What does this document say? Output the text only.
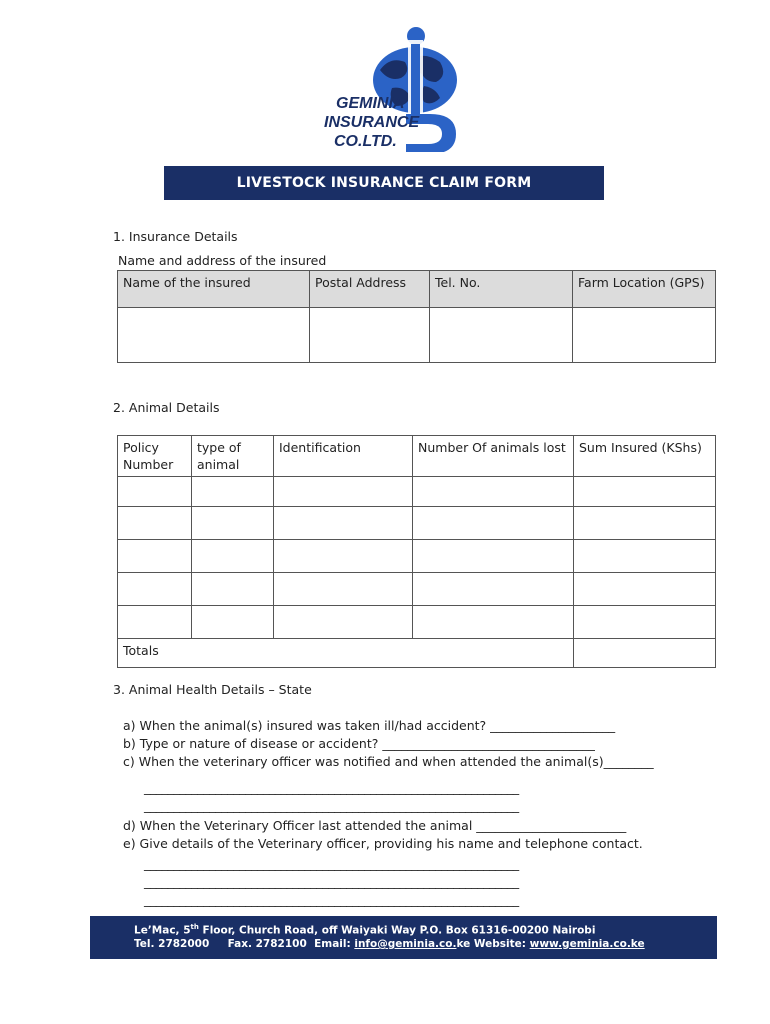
GEMINIA
INSURANCE
CO.LTD.
LIVESTOCK INSURANCE CLAIM FORM
1. Insurance Details
Name and address of the insured
Name of the insured	Postal Address	Tel. No.	Farm Location (GPS)

2. Animal Details
Policy Number	type of animal	Identification	Number Of animals lost	Sum Insured (KShs)

Totals				
3. Animal Health Details – State
a) When the animal(s) insured was taken ill/had accident? ____________________
b) Type or nature of disease or accident? __________________________________
c) When the veterinary officer was notified and when attended the animal(s)________
_______________________________________________________________
_______________________________________________________________
d) When the Veterinary Officer last attended the animal ________________________
e) Give details of the Veterinary officer, providing his name and telephone contact.
_______________________________________________________________
_______________________________________________________________
_______________________________________________________________
Le’Mac, 5th Floor, Church Road, off Waiyaki Way P.O. Box 61316-00200 Nairobi
Tel. 2782000 Fax. 2782100 Email: info@geminia.co.ke Website: www.geminia.co.ke
